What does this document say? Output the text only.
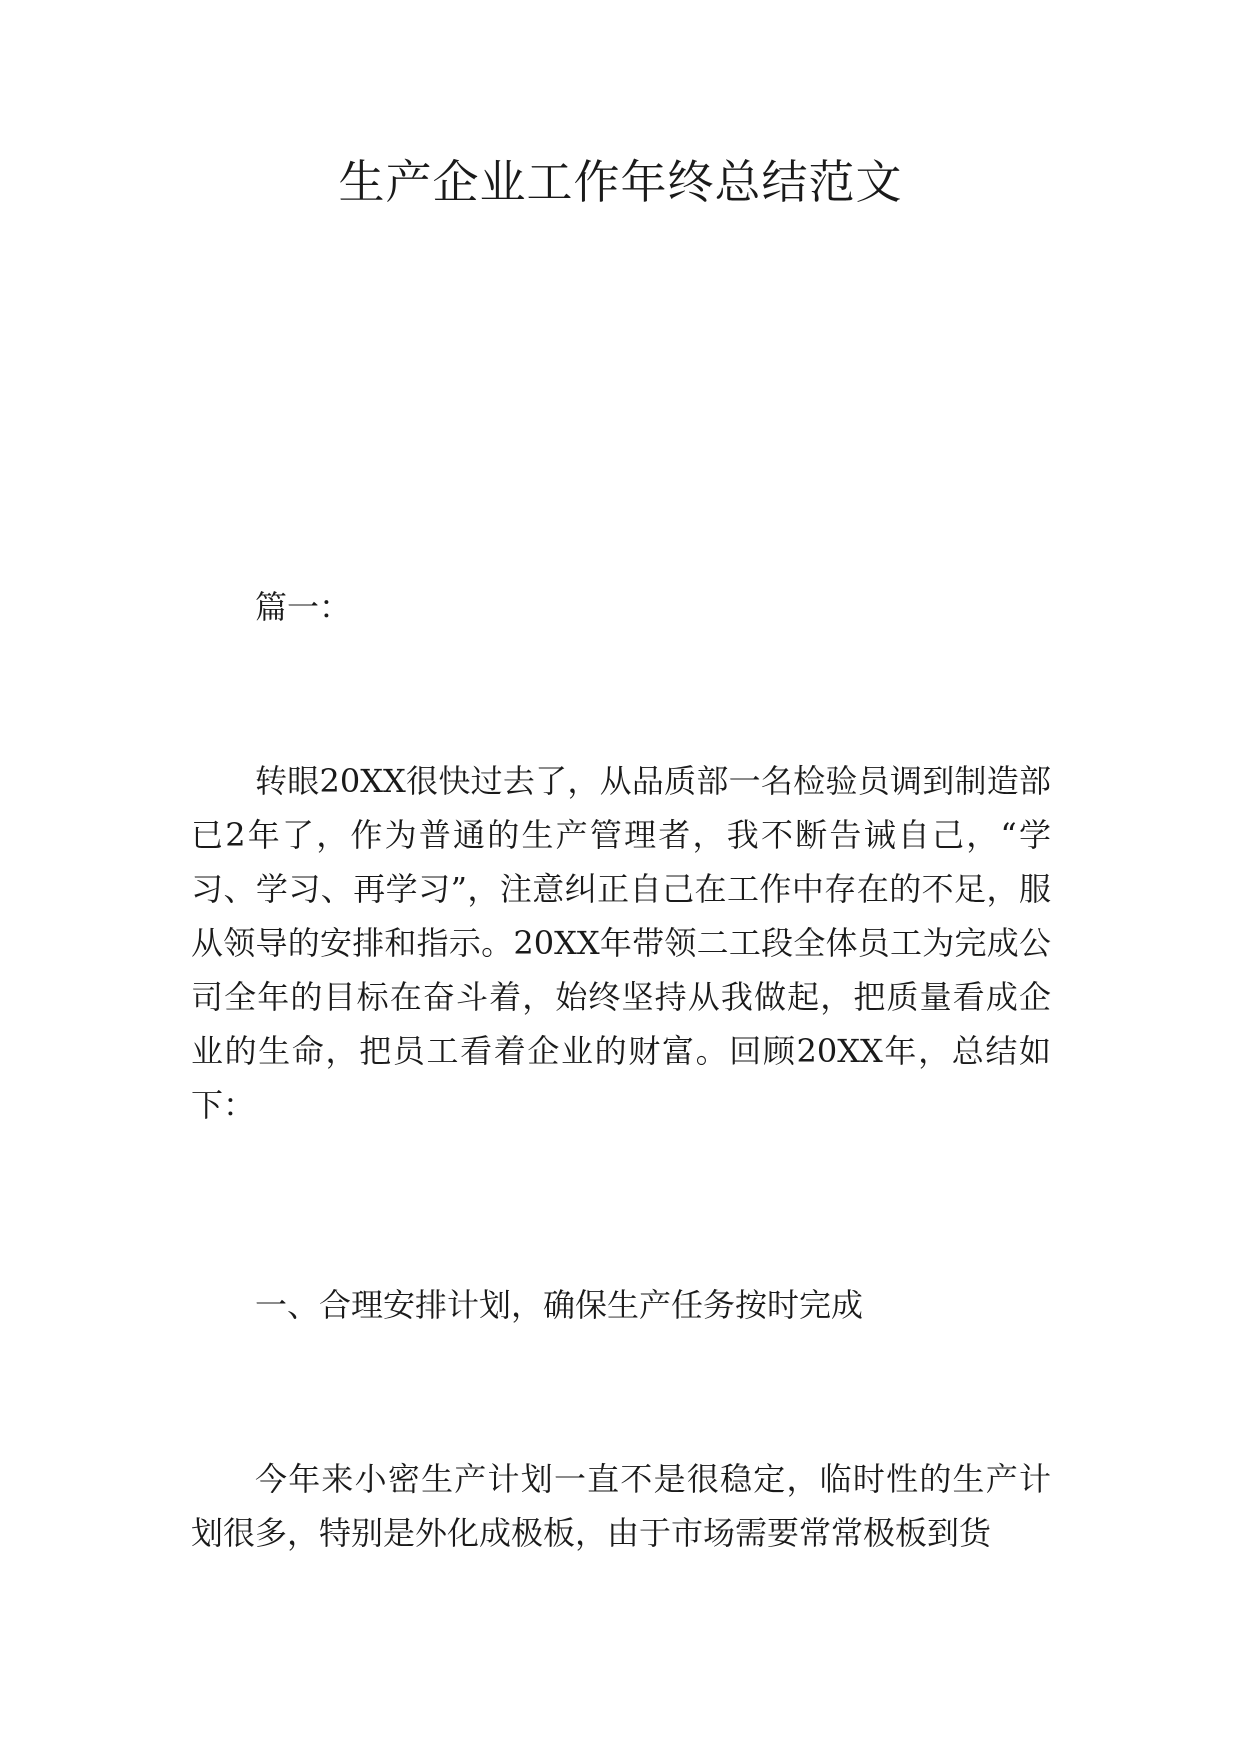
生产企业工作年终总结范文

篇一：

转眼20XX很快过去了，从品质部一名检验员调到制造部已2年了，作为普通的生产管理者，我不断告诫自己，“学习、学习、再学习”，注意纠正自己在工作中存在的不足，服从领导的安排和指示。20XX年带领二工段全体员工为完成公司全年的目标在奋斗着，始终坚持从我做起，把质量看成企业的生命，把员工看着企业的财富。回顾20XX年，总结如下：

一、合理安排计划，确保生产任务按时完成

今年来小密生产计划一直不是很稳定，临时性的生产计划很多，特别是外化成极板，由于市场需要常常极板到货
